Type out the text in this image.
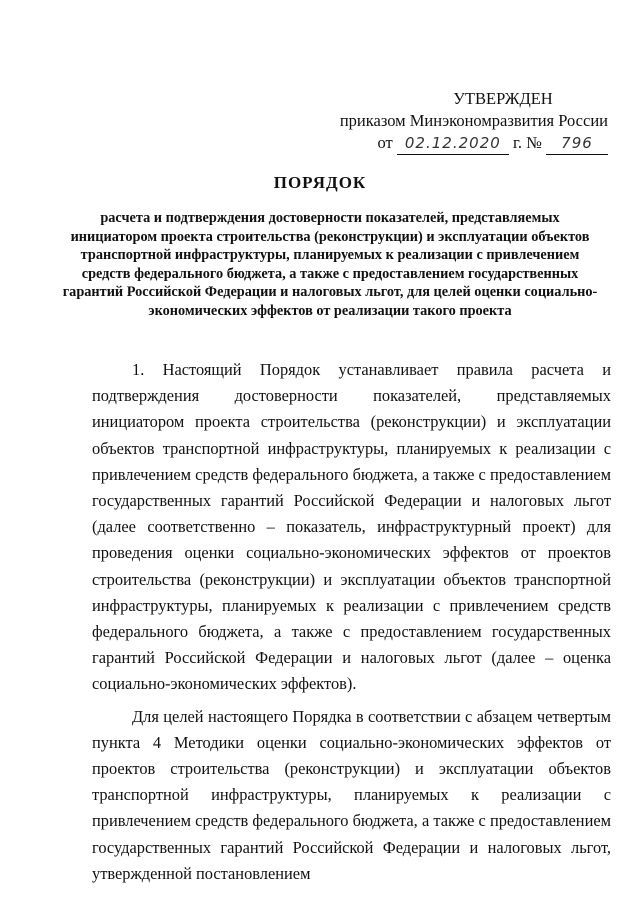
УТВЕРЖДЕН
приказом Минэкономразвития России
от 02.12.2020 г. № 796
ПОРЯДОК

расчета и подтверждения достоверности показателей, представляемых инициатором проекта строительства (реконструкции) и эксплуатации объектов транспортной инфраструктуры, планируемых к реализации с привлечением средств федерального бюджета, а также с предоставлением государственных гарантий Российской Федерации и налоговых льгот, для целей оценки социально-экономических эффектов от реализации такого проекта

1. Настоящий Порядок устанавливает правила расчета и подтверждения достоверности показателей, представляемых инициатором проекта строительства (реконструкции) и эксплуатации объектов транспортной инфраструктуры, планируемых к реализации с привлечением средств федерального бюджета, а также с предоставлением государственных гарантий Российской Федерации и налоговых льгот (далее соответственно – показатель, инфраструктурный проект) для проведения оценки социально-экономических эффектов от проектов строительства (реконструкции) и эксплуатации объектов транспортной инфраструктуры, планируемых к реализации с привлечением средств федерального бюджета, а также с предоставлением государственных гарантий Российской Федерации и налоговых льгот (далее – оценка социально-экономических эффектов).

Для целей настоящего Порядка в соответствии с абзацем четвертым пункта 4 Методики оценки социально-экономических эффектов от проектов строительства (реконструкции) и эксплуатации объектов транспортной инфраструктуры, планируемых к реализации с привлечением средств федерального бюджета, а также с предоставлением государственных гарантий Российской Федерации и налоговых льгот, утвержденной постановлением
